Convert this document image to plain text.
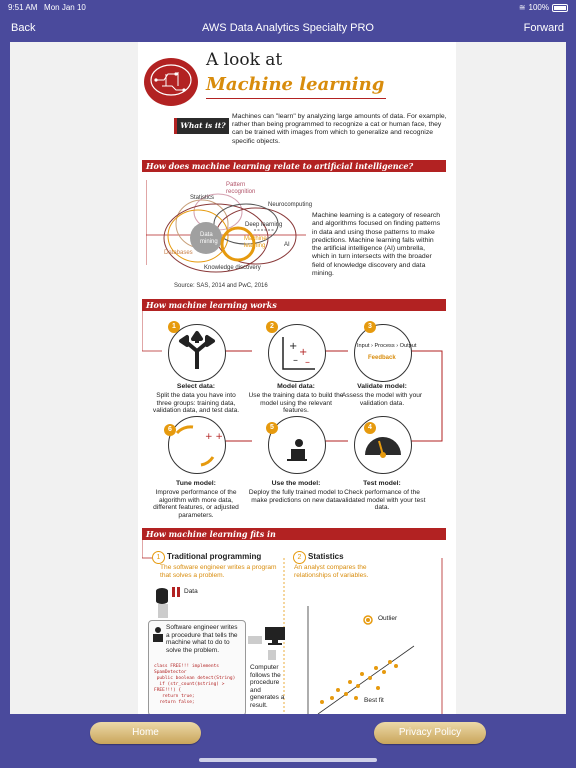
9:51 AM Mon Jan 10	≊ 100%
Back	AWS Data Analytics Specialty PRO	Forward
A look at
Machine learning
What is it?
Machines can "learn" by analyzing large amounts of data. For example, rather than being programmed to recognize a cat or human face, they can be trained with images from which to generalize and recognize specific objects.
How does machine learning relate to artificial intelligence?
Statistics
Pattern recognition
Neurocomputing
Data mining
Deep learning
Machine learning	AI
Databases
Knowledge discovery
Machine learning is a category of research and algorithms focused on finding patterns in data and using those patterns to make predictions. Machine learning falls within the artificial intelligence (AI) umbrella, which in turn intersects with the broader field of knowledge discovery and data mining.
Source: SAS, 2014 and PwC, 2016
How machine learning works
1
+
+
– –
2	3
Input › Process › Output
Feedback
Select data:
Split the data you have into three groups: training data, validation data, and test data.
Model data:
Use the training data to build the model using the relevant features.
Validate model:
Assess the model with your validation data.
+ +
6	5	4
Tune model:
Improve performance of the algorithm with more data, different features, or adjusted parameters.
Use the model:
Deploy the fully trained model to make predictions on new data.
Test model:
Check performance of the validated model with your test data.
How machine learning fits in
1 Traditional programming
The software engineer writes a program that solves a problem.
Data
Software engineer writes a procedure that tells the machine what to do to solve the problem.
class FREE!!! implements SpamDetector
public boolean detect(String)
if (str_count($string) > FREE!!!) {
return true;
return false;
Computer follows the procedure and generates a result.
2 Statistics
An analyst compares the relationships of variables.
Outlier
Best fit
Home	Privacy Policy
